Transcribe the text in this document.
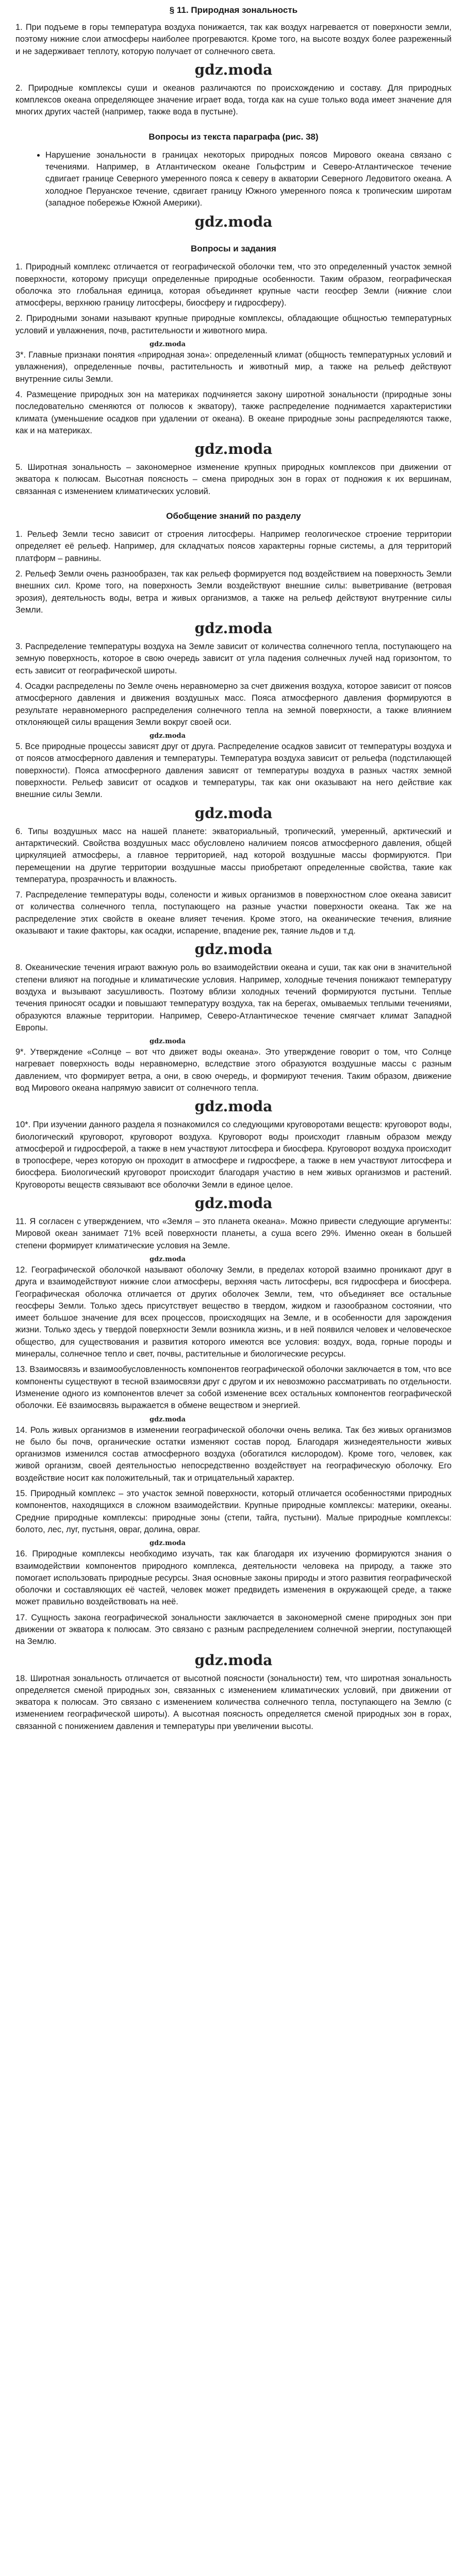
§ 11. Природная зональность

1. При подъеме в горы температура воздуха понижается, так как воздух нагревается от поверхности земли, поэтому нижние слои атмосферы наиболее прогреваются. Кроме того, на высоте воздух более разреженный и не задерживает теплоту, которую получает от солнечного света.

gdz.moda

2. Природные комплексы суши и океанов различаются по происхождению и составу. Для природных комплексов океана определяющее значение играет вода, тогда как на суше только вода имеет значение для многих других частей (например, также вода в пустыне).

Вопросы из текста параграфа (рис. 38)
• Нарушение зональности в границах некоторых природных поясов Мирового океана связано с течениями. Например, в Атлантическом океане Гольфстрим и Северо-Атлантическое течение сдвигает границе Северного умеренного пояса к северу в акватории Северного Ледовитого океана. А холодное Перуанское течение, сдвигает границу Южного умеренного пояса к тропическим широтам (западное побережье Южной Америки).
gdz.moda
Вопросы и задания

1. Природный комплекс отличается от географической оболочки тем, что это определенный участок земной поверхности, которому присущи определенные природные особенности. Таким образом, географическая оболочка это глобальная единица, которая объединяет крупные части геосфер Земли (нижние слои атмосферы, верхнюю границу литосферы, биосферу и гидросферу).

2. Природными зонами называют крупные природные комплексы, обладающие общностью температурных условий и увлажнения, почв, растительности и животного мира.

gdz.moda

3*. Главные признаки понятия «природная зона»: определенный климат (общность температурных условий и увлажнения), определенные почвы, растительность и животный мир, а также на рельеф действуют внутренние силы Земли.

4. Размещение природных зон на материках подчиняется закону широтной зональности (природные зоны последовательно сменяются от полюсов к экватору), также распределение поднимается характеристики климата (уменьшение осадков при удалении от океана). В океане природные зоны распределяются также, как и на материках.

gdz.moda

5. Широтная зональность – закономерное изменение крупных природных комплексов при движении от экватора к полюсам. Высотная поясность – смена природных зон в горах от подножия к их вершинам, связанная с изменением климатических условий.

Обобщение знаний по разделу

1. Рельеф Земли тесно зависит от строения литосферы. Например геологическое строение территории определяет её рельеф. Например, для складчатых поясов характерны горные системы, а для территорий платформ – равнины.

2. Рельеф Земли очень разнообразен, так как рельеф формируется под воздействием на поверхность Земли внешних сил. Кроме того, на поверхность Земли воздействуют внешние силы: выветривание (ветровая эрозия), деятельность воды, ветра и живых организмов, а также на рельеф действуют внутренние силы Земли.

gdz.moda

3. Распределение температуры воздуха на Земле зависит от количества солнечного тепла, поступающего на земную поверхность, которое в свою очередь зависит от угла падения солнечных лучей над горизонтом, то есть зависит от географической широты.

4. Осадки распределены по Земле очень неравномерно за счет движения воздуха, которое зависит от поясов атмосферного давления и движения воздушных масс. Пояса атмосферного давления формируются в результате неравномерного распределения солнечного тепла на земной поверхности, а также влиянием отклоняющей силы вращения Земли вокруг своей оси.

gdz.moda

5. Все природные процессы зависят друг от друга. Распределение осадков зависит от температуры воздуха и от поясов атмосферного давления и температуры. Температура воздуха зависит от рельефа (подстилающей поверхности). Пояса атмосферного давления зависят от температуры воздуха в разных частях земной поверхности. Рельеф зависит от осадков и температуры, так как они оказывают на него действие как внешние силы Земли.

gdz.moda

6. Типы воздушных масс на нашей планете: экваториальный, тропический, умеренный, арктический и антарктический. Свойства воздушных масс обусловлено наличием поясов атмосферного давления, общей циркуляцией атмосферы, а главное территорией, над которой воздушные массы формируются. При перемещении на другие территории воздушные массы приобретают определенные свойства, такие как температура, прозрачность и влажность.

7. Распределение температуры воды, солености и живых организмов в поверхностном слое океана зависит от количества солнечного тепла, поступающего на разные участки поверхности океана. Так же на распределение этих свойств в океане влияет течения. Кроме этого, на океанические течения, влияние оказывают и такие факторы, как осадки, испарение, впадение рек, таяние льдов и т.д.

gdz.moda

8. Океанические течения играют важную роль во взаимодействии океана и суши, так как они в значительной степени влияют на погодные и климатические условия. Например, холодные течения понижают температуру воздуха и вызывают засушливость. Поэтому вблизи холодных течений формируются пустыни. Теплые течения приносят осадки и повышают температуру воздуха, так на берегах, омываемых теплыми течениями, образуются влажные территории. Например, Северо-Атлантическое течение смягчает климат Западной Европы.

gdz.moda

9*. Утверждение «Солнце – вот что движет воды океана». Это утверждение говорит о том, что Солнце нагревает поверхность воды неравномерно, вследствие этого образуются воздушные массы с разным давлением, что формирует ветра, а они, в свою очередь, и формируют течения. Таким образом, движение вод Мирового океана напрямую зависит от солнечного тепла.

gdz.moda

10*. При изучении данного раздела я познакомился со следующими круговоротами веществ: круговорот воды, биологический круговорот, круговорот воздуха. Круговорот воды происходит главным образом между атмосферой и гидросферой, а также в нем участвуют литосфера и биосфера. Круговорот воздуха происходит в тропосфере, через которую он проходит в атмосфере и гидросфере, а также в нем участвуют литосфера и биосфера. Биологический круговорот происходит благодаря участию в нем живых организмов и растений. Круговороты веществ связывают все оболочки Земли в единое целое.

gdz.moda

11. Я согласен с утверждением, что «Земля – это планета океана». Можно привести следующие аргументы: Мировой океан занимает 71% всей поверхности планеты, а суша всего 29%. Именно океан в большей степени формирует климатические условия на Земле.

gdz.moda

12. Географической оболочкой называют оболочку Земли, в пределах которой взаимно проникают друг в друга и взаимодействуют нижние слои атмосферы, верхняя часть литосферы, вся гидросфера и биосфера. Географическая оболочка отличается от других оболочек Земли, тем, что объединяет все остальные геосферы Земли. Только здесь присутствует вещество в твердом, жидком и газообразном состоянии, что имеет большое значение для всех процессов, происходящих на Земле, и в особенности для зарождения жизни. Только здесь у твердой поверхности Земли возникла жизнь, и в ней появился человек и человеческое общество, для существования и развития которого имеются все условия: воздух, вода, горные породы и минералы, солнечное тепло и свет, почвы, растительные и биологические ресурсы.

13. Взаимосвязь и взаимообусловленность компонентов географической оболочки заключается в том, что все компоненты существуют в тесной взаимосвязи друг с другом и их невозможно рассматривать по отдельности. Изменение одного из компонентов влечет за собой изменение всех остальных компонентов географической оболочки. Её взаимосвязь выражается в обмене веществом и энергией.

gdz.moda

14. Роль живых организмов в изменении географической оболочки очень велика. Так без живых организмов не было бы почв, органические остатки изменяют состав пород. Благодаря жизнедеятельности живых организмов изменился состав атмосферного воздуха (обогатился кислородом). Кроме того, человек, как живой организм, своей деятельностью непосредственно воздействует на географическую оболочку. Его воздействие носит как положительный, так и отрицательный характер.

15. Природный комплекс – это участок земной поверхности, который отличается особенностями природных компонентов, находящихся в сложном взаимодействии. Крупные природные комплексы: материки, океаны. Средние природные комплексы: природные зоны (степи, тайга, пустыни). Малые природные комплексы: болото, лес, луг, пустыня, овраг, долина, овраг.

gdz.moda

16. Природные комплексы необходимо изучать, так как благодаря их изучению формируются знания о взаимодействии компонентов природного комплекса, деятельности человека на природу, а также это помогает использовать природные ресурсы. Зная основные законы природы и этого развития географической оболочки и составляющих её частей, человек может предвидеть изменения в окружающей среде, а также может правильно воздействовать на неё.

17. Сущность закона географической зональности заключается в закономерной смене природных зон при движении от экватора к полюсам. Это связано с разным распределением солнечной энергии, поступающей на Землю.

gdz.moda

18. Широтная зональность отличается от высотной поясности (зональности) тем, что широтная зональность определяется сменой природных зон, связанных с изменением климатических условий, при движении от экватора к полюсам. Это связано с изменением количества солнечного тепла, поступающего на Землю (с изменением географической широты). А высотная поясность определяется сменой природных зон в горах, связанной с понижением давления и температуры при увеличении высоты.
